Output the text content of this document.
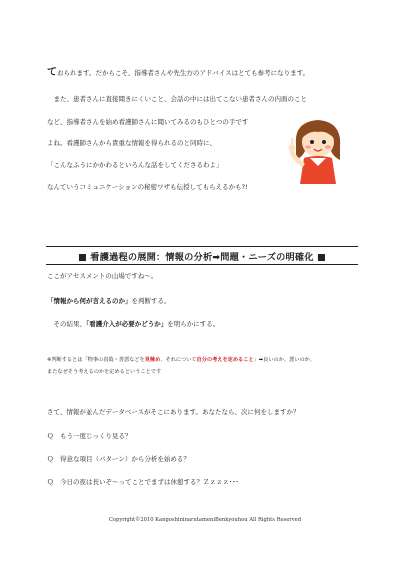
ておられます。だからこそ、指導者さんや先生方のアドバイスはとても参考になります。
　また、患者さんに直接聞きにくいこと、会話の中には出てこない患者さんの内面のこと
など、指導者さんを始め看護師さんに聞いてみるのもひとつの手です
よね。看護師さんから貴重な情報を得られるのと同時に、
「こんなふうにかかわるといろんな話をしてくださるわよ」
なんていうコミュニケーションの秘密ワザも伝授してもらえるかも?!
■ 看護過程の展開：情報の分析➡問題・ニーズの明確化 ■
ここがアセスメントの山場ですね～。
「情報から何が言えるのか」を判断する。
　その結果、「看護介入が必要かどうか」を明らかにする。
※判断するとは「物事の真偽・善悪などを見極め、それについて自分の考えを定めること」➡良いのか、悪いのか、
またなぜそう考えるのかを定めるということです
さて、情報が並んだデータベースがそこにあります。あなたなら、次に何をしますか？
Ｑ　もう一度じっくり見る？
Ｑ　得意な項目（パターン）から分析を始める？
Ｑ　今日の夜は長いぞ～ってことでまずは休憩する？Ｚｚｚｚ･･･
Copyright©2010 KangoshininarutameniBenkyouhou All Rights Reserved
